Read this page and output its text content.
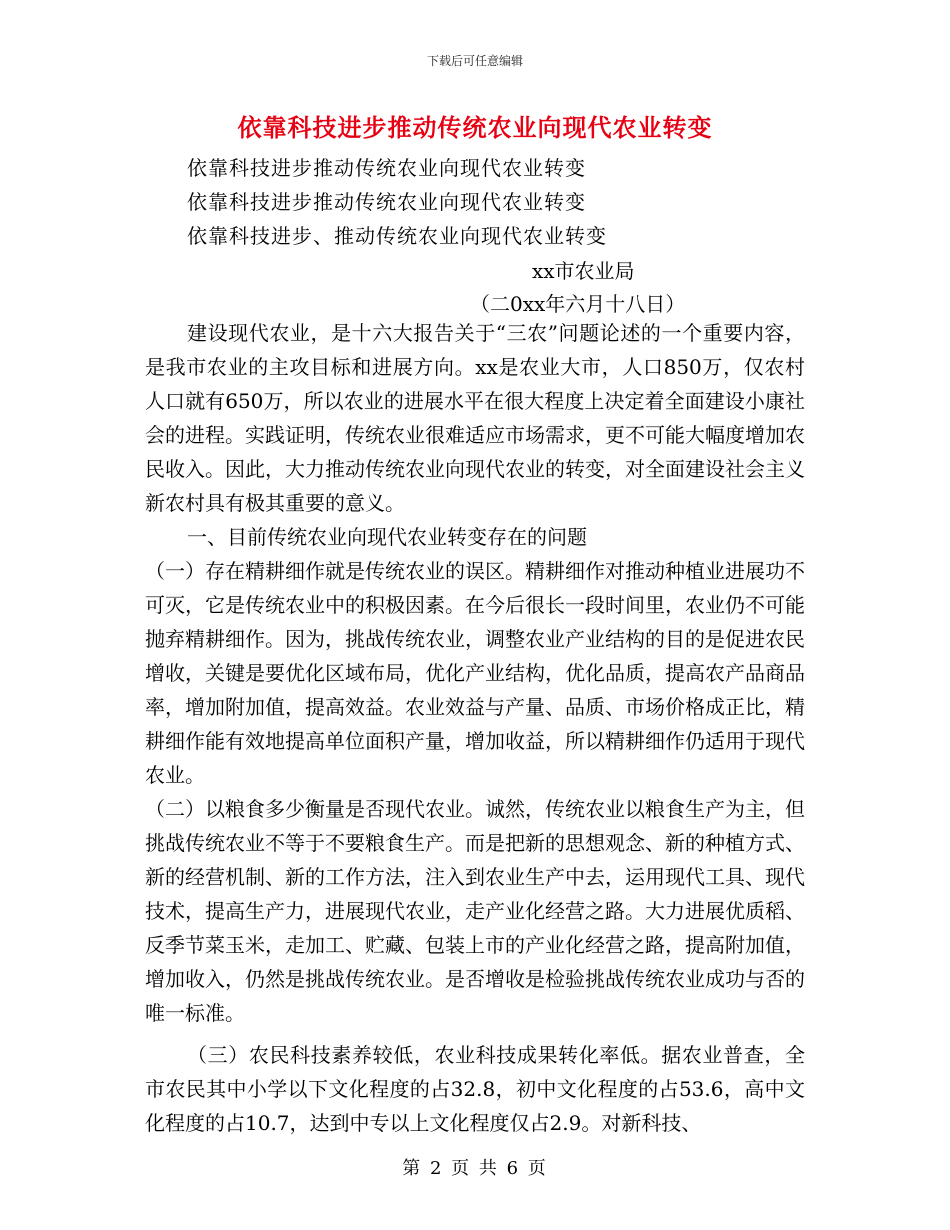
下载后可任意编辑
依靠科技进步推动传统农业向现代农业转变
依靠科技进步推动传统农业向现代农业转变
依靠科技进步推动传统农业向现代农业转变
依靠科技进步、推动传统农业向现代农业转变
xx市农业局
（二0xx年六月十八日）

建设现代农业，是十六大报告关于“三农”问题论述的一个重要内容，是我市农业的主攻目标和进展方向。xx是农业大市，人口850万，仅农村人口就有650万，所以农业的进展水平在很大程度上决定着全面建设小康社会的进程。实践证明，传统农业很难适应市场需求，更不可能大幅度增加农民收入。因此，大力推动传统农业向现代农业的转变，对全面建设社会主义新农村具有极其重要的意义。

一、目前传统农业向现代农业转变存在的问题

（一）存在精耕细作就是传统农业的误区。精耕细作对推动种植业进展功不可灭，它是传统农业中的积极因素。在今后很长一段时间里，农业仍不可能抛弃精耕细作。因为，挑战传统农业，调整农业产业结构的目的是促进农民增收，关键是要优化区域布局，优化产业结构，优化品质，提高农产品商品率，增加附加值，提高效益。农业效益与产量、品质、市场价格成正比，精耕细作能有效地提高单位面积产量，增加收益，所以精耕细作仍适用于现代农业。

（二）以粮食多少衡量是否现代农业。诚然，传统农业以粮食生产为主，但挑战传统农业不等于不要粮食生产。而是把新的思想观念、新的种植方式、新的经营机制、新的工作方法，注入到农业生产中去，运用现代工具、现代技术，提高生产力，进展现代农业，走产业化经营之路。大力进展优质稻、反季节菜玉米，走加工、贮藏、包装上市的产业化经营之路，提高附加值，增加收入，仍然是挑战传统农业。是否增收是检验挑战传统农业成功与否的唯一标准。

（三）农民科技素养较低，农业科技成果转化率低。据农业普查，全市农民其中小学以下文化程度的占32.8，初中文化程度的占53.6，高中文化程度的占10.7，达到中专以上文化程度仅占2.9。对新科技、

第 2 页 共 6 页
